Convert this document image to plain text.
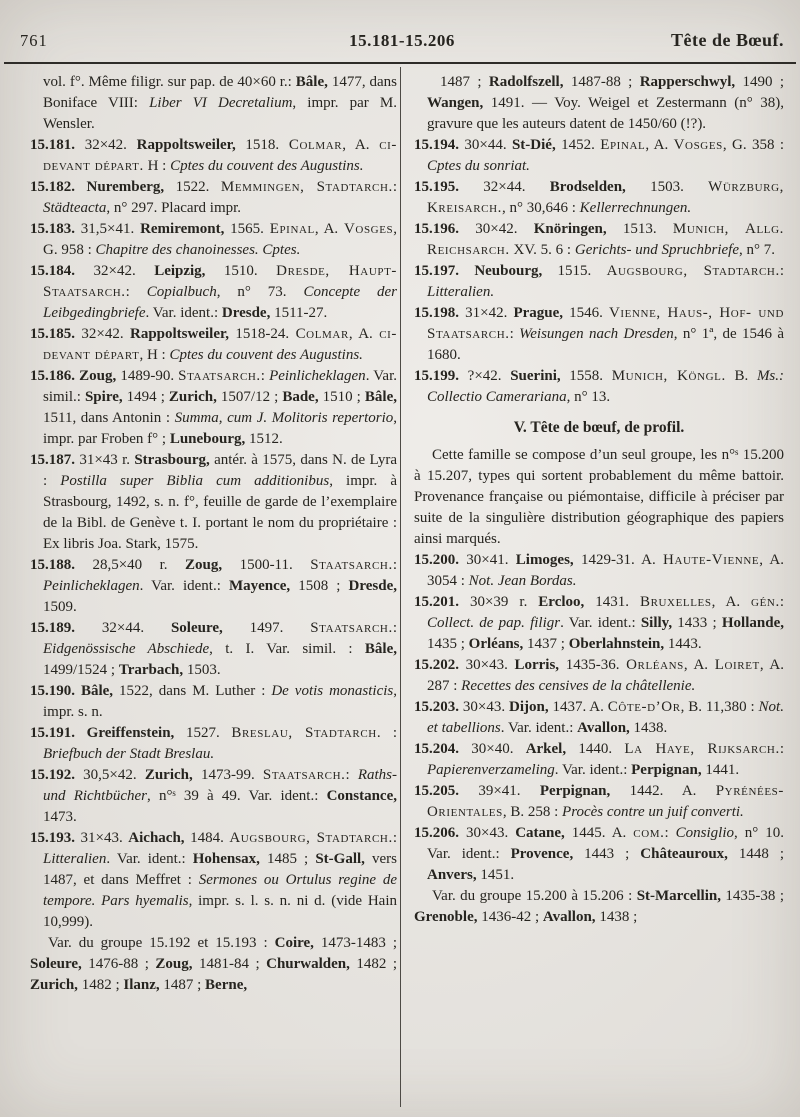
761	15.181-15.206	Tête de Bœuf.

vol. f°. Même filigr. sur pap. de 40×60 r.: Bâle, 1477, dans Boniface VIII: Liber VI Decretalium, impr. par M. Wensler.

15.181. 32×42. Rappoltsweiler, 1518. Colmar, A. ci-devant départ. H : Cptes du couvent des Augustins.

15.182. Nuremberg, 1522. Memmingen, Stadtarch.: Städteacta, n° 297. Placard impr.

15.183. 31,5×41. Remiremont, 1565. Epinal, A. Vosges, G. 958 : Chapitre des chanoinesses. Cptes.

15.184. 32×42. Leipzig, 1510. Dresde, Haupt-Staatsarch.: Copialbuch, n° 73. Concepte der Leibgedingbriefe. Var. ident.: Dresde, 1511-27.

15.185. 32×42. Rappoltsweiler, 1518-24. Colmar, A. ci-devant départ, H : Cptes du couvent des Augustins.

15.186. Zoug, 1489-90. Staatsarch.: Peinlicheklagen. Var. simil.: Spire, 1494 ; Zurich, 1507/12 ; Bade, 1510 ; Bâle, 1511, dans Antonin : Summa, cum J. Molitoris repertorio, impr. par Froben f° ; Lunebourg, 1512.

15.187. 31×43 r. Strasbourg, antér. à 1575, dans N. de Lyra : Postilla super Biblia cum additionibus, impr. à Strasbourg, 1492, s. n. f°, feuille de garde de l’exemplaire de la Bibl. de Genève t. I. portant le nom du propriétaire : Ex libris Joa. Stark, 1575.

15.188. 28,5×40 r. Zoug, 1500-11. Staatsarch.: Peinlicheklagen. Var. ident.: Mayence, 1508 ; Dresde, 1509.

15.189. 32×44. Soleure, 1497. Staatsarch.: Eidgenössische Abschiede, t. I. Var. simil. : Bâle, 1499/1524 ; Trarbach, 1503.

15.190. Bâle, 1522, dans M. Luther : De votis monasticis, impr. s. n.

15.191. Greiffenstein, 1527. Breslau, Stadtarch. : Briefbuch der Stadt Breslau.

15.192. 30,5×42. Zurich, 1473-99. Staatsarch.: Raths- und Richtbücher, n°ˢ 39 à 49. Var. ident.: Constance, 1473.

15.193. 31×43. Aichach, 1484. Augsbourg, Stadtarch.: Litteralien. Var. ident.: Hohensax, 1485 ; St-Gall, vers 1487, et dans Meffret : Sermones ou Ortulus regine de tempore. Pars hyemalis, impr. s. l. s. n. ni d. (vide Hain 10,999).

Var. du groupe 15.192 et 15.193 : Coire, 1473-1483 ; Soleure, 1476-88 ; Zoug, 1481-84 ; Churwalden, 1482 ; Zurich, 1482 ; Ilanz, 1487 ; Berne,

1487 ; Radolfszell, 1487-88 ; Rapperschwyl, 1490 ; Wangen, 1491. — Voy. Weigel et Zestermann (n° 38), gravure que les auteurs datent de 1450/60 (!?).

15.194. 30×44. St-Dié, 1452. Epinal, A. Vosges, G. 358 : Cptes du sonriat.

15.195. 32×44. Brodselden, 1503. Würzburg, Kreisarch., n° 30,646 : Kellerrechnungen.

15.196. 30×42. Knöringen, 1513. Munich, Allg. Reichsarch. XV. 5. 6 : Gerichts- und Spruchbriefe, n° 7.

15.197. Neubourg, 1515. Augsbourg, Stadtarch.: Litteralien.

15.198. 31×42. Prague, 1546. Vienne, Haus-, Hof- und Staatsarch.: Weisungen nach Dresden, n° 1ª, de 1546 à 1680.

15.199. ?×42. Suerini, 1558. Munich, Köngl. B. Ms.: Collectio Camerariana, n° 13.

V. Tête de bœuf, de profil.

Cette famille se compose d’un seul groupe, les n°ˢ 15.200 à 15.207, types qui sortent probablement du même battoir. Provenance française ou piémontaise, difficile à préciser par suite de la singulière distribution géographique des papiers ainsi marqués.

15.200. 30×41. Limoges, 1429-31. A. Haute-Vienne, A. 3054 : Not. Jean Bordas.

15.201. 30×39 r. Ercloo, 1431. Bruxelles, A. gén.: Collect. de pap. filigr. Var. ident.: Silly, 1433 ; Hollande, 1435 ; Orléans, 1437 ; Oberlahnstein, 1443.

15.202. 30×43. Lorris, 1435-36. Orléans, A. Loiret, A. 287 : Recettes des censives de la châtellenie.

15.203. 30×43. Dijon, 1437. A. Côte-d’Or, B. 11,380 : Not. et tabellions. Var. ident.: Avallon, 1438.

15.204. 30×40. Arkel, 1440. La Haye, Rijksarch.: Papierenverzameling. Var. ident.: Perpignan, 1441.

15.205. 39×41. Perpignan, 1442. A. Pyrénées-Orientales, B. 258 : Procès contre un juif converti.

15.206. 30×43. Catane, 1445. A. com.: Consiglio, n° 10. Var. ident.: Provence, 1443 ; Châteauroux, 1448 ; Anvers, 1451.

Var. du groupe 15.200 à 15.206 : St-Marcellin, 1435-38 ; Grenoble, 1436-42 ; Avallon, 1438 ;
